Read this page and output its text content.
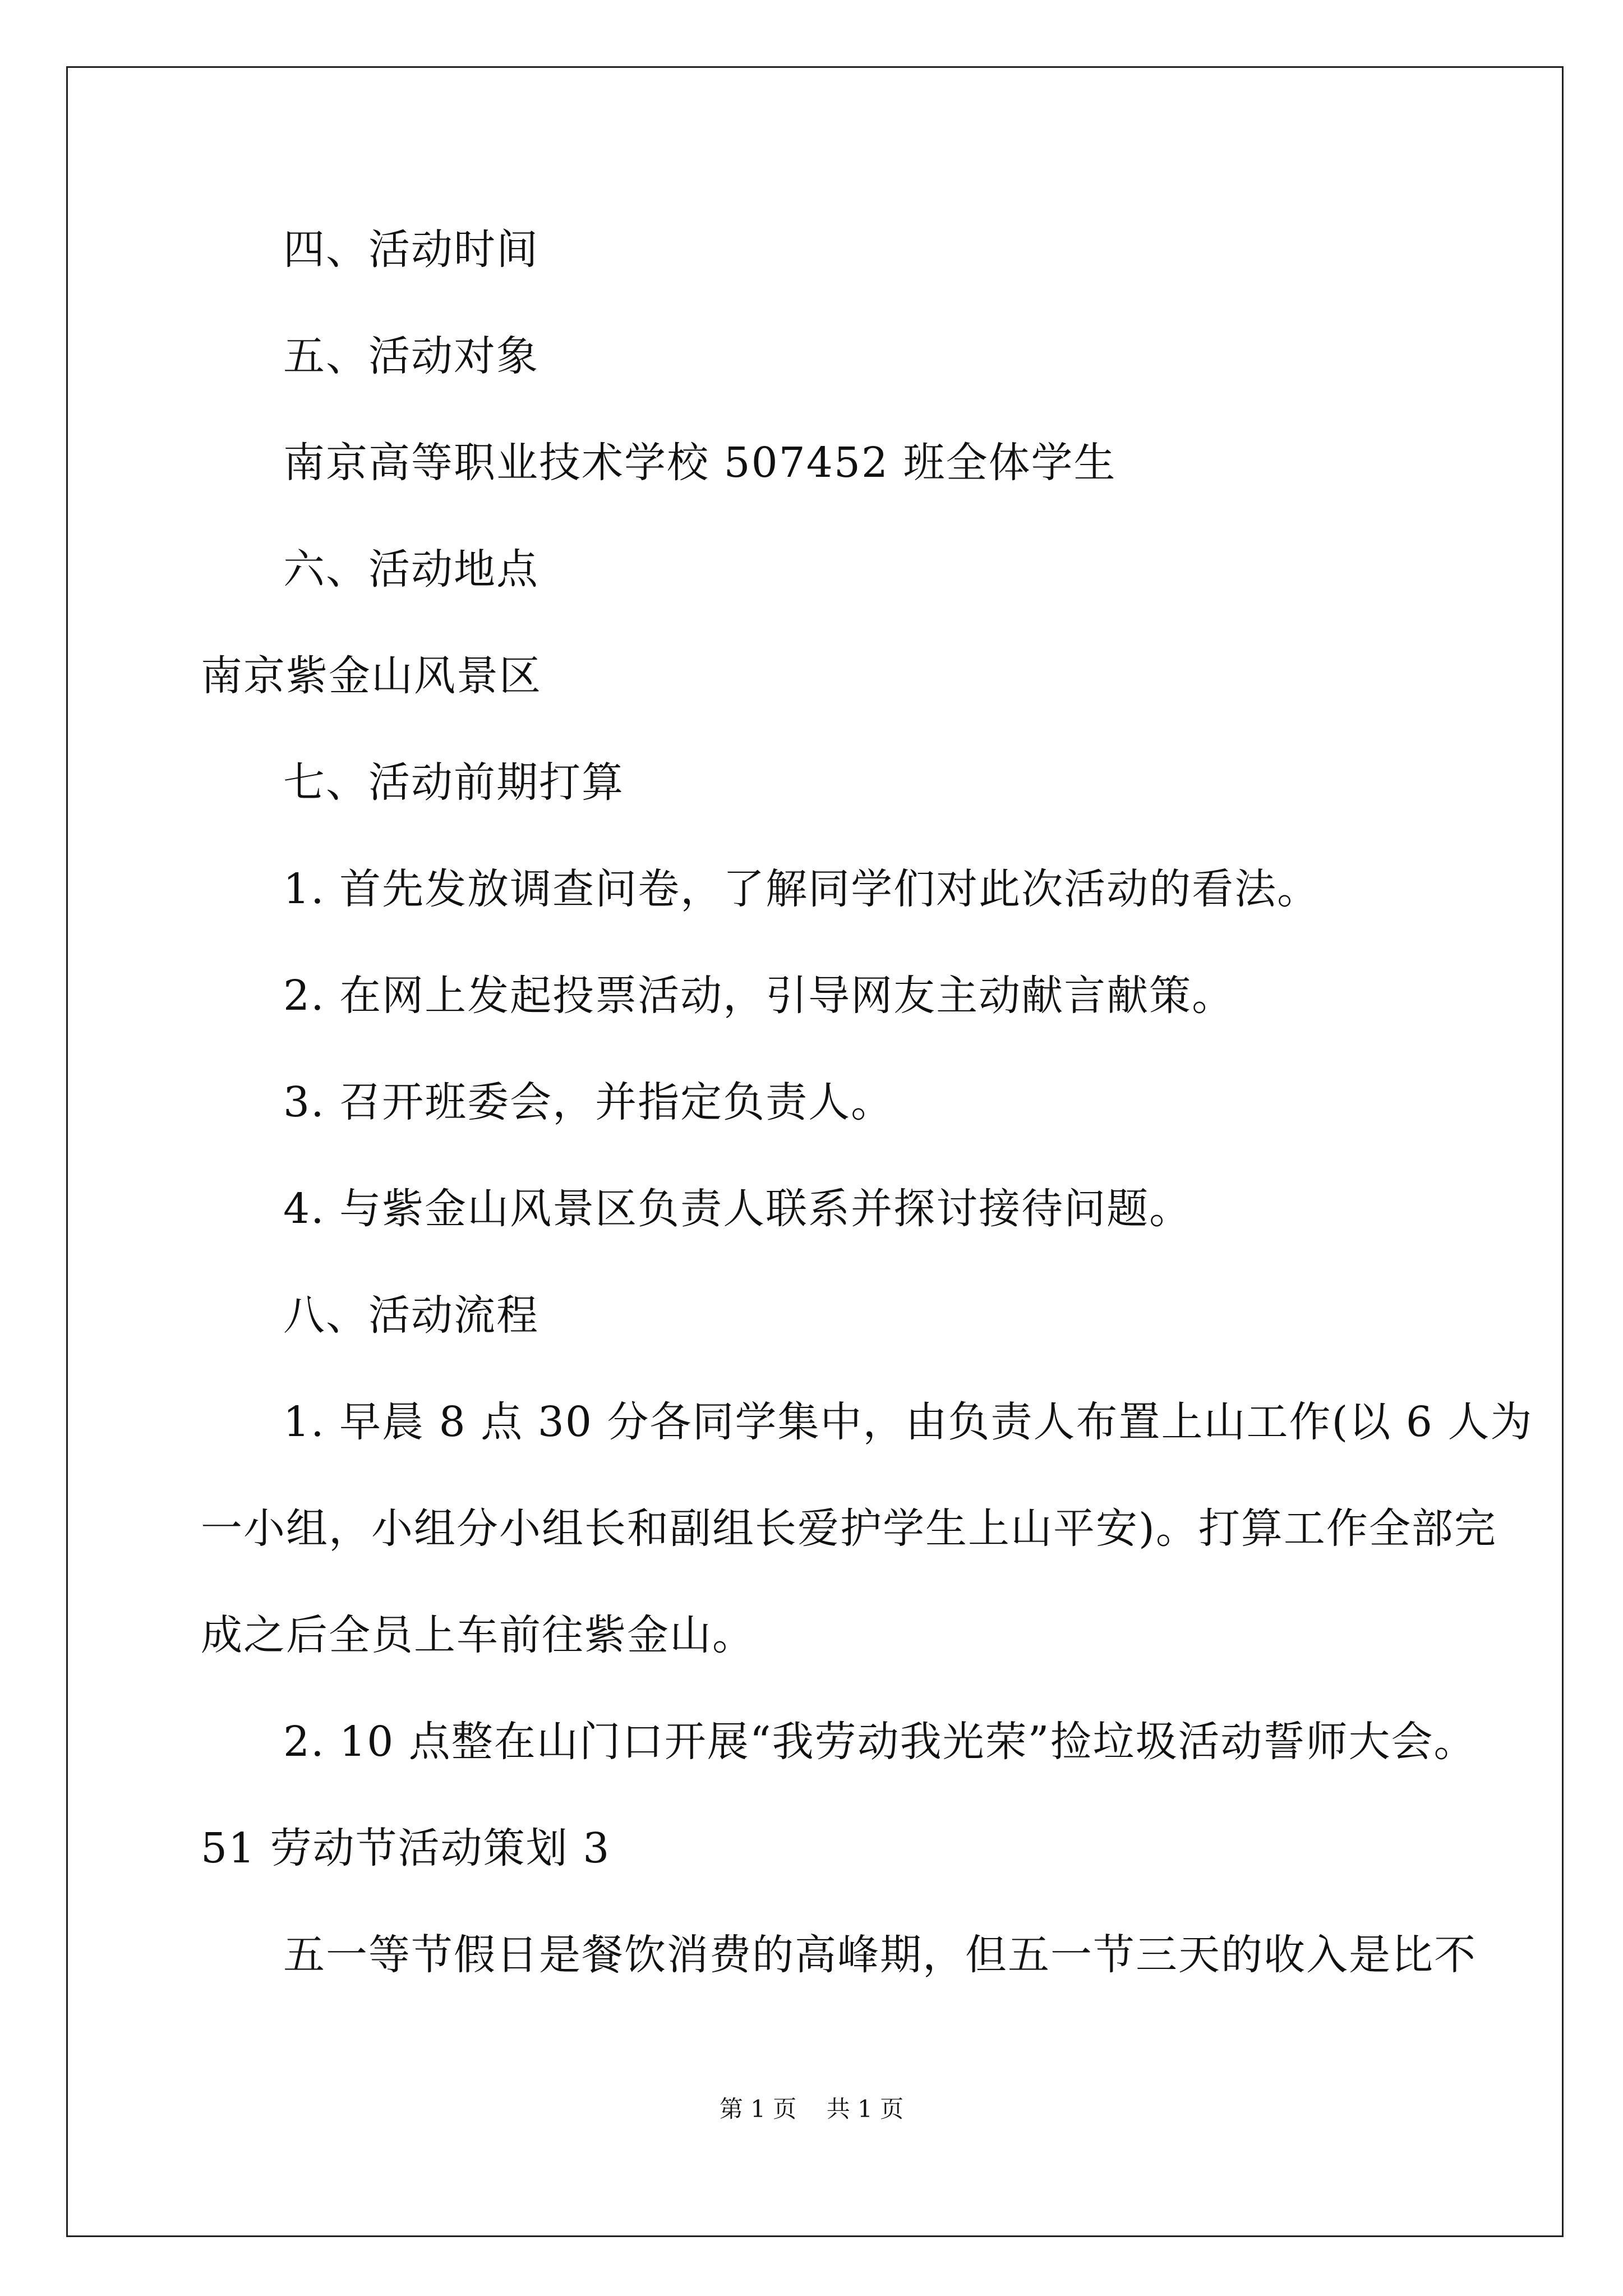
四、活动时间

五、活动对象

南京高等职业技术学校 507452 班全体学生

六、活动地点

南京紫金山风景区

七、活动前期打算

1. 首先发放调查问卷，了解同学们对此次活动的看法。

2. 在网上发起投票活动，引导网友主动献言献策。

3. 召开班委会，并指定负责人。

4. 与紫金山风景区负责人联系并探讨接待问题。

八、活动流程

1. 早晨 8 点 30 分各同学集中，由负责人布置上山工作(以 6 人为

一小组，小组分小组长和副组长爱护学生上山平安)。打算工作全部完

成之后全员上车前往紫金山。

2. 10 点整在山门口开展“我劳动我光荣”捡垃圾活动誓师大会。

51 劳动节活动策划 3

五一等节假日是餐饮消费的高峰期，但五一节三天的收入是比不

第 1 页    共 1 页
